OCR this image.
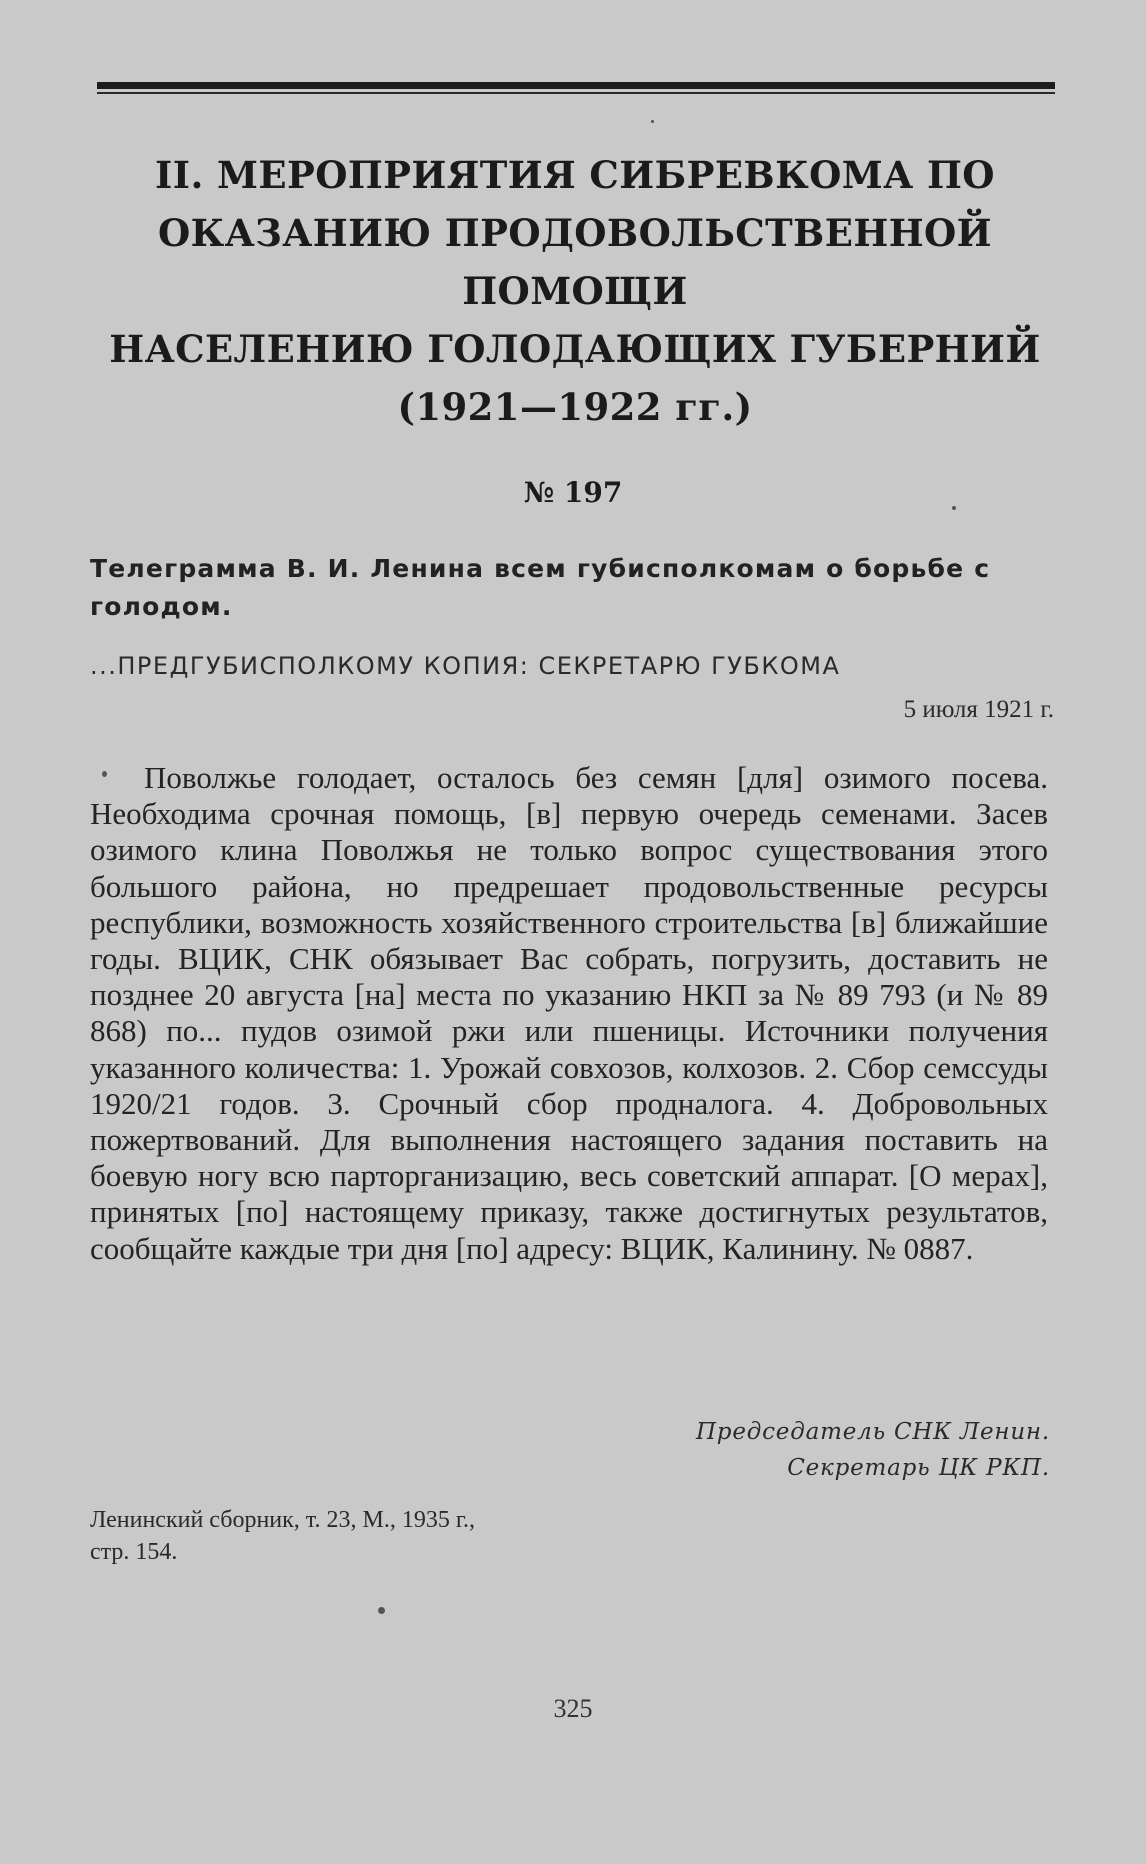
II. МЕРОПРИЯТИЯ СИБРЕВКОМА ПО
ОКАЗАНИЮ ПРОДОВОЛЬСТВЕННОЙ ПОМОЩИ
НАСЕЛЕНИЮ ГОЛОДАЮЩИХ ГУБЕРНИЙ
(1921—1922 гг.)
№ 197
Телеграмма В. И. Ленина всем губисполкомам о борьбе с голодом.
...ПРЕДГУБИСПОЛКОМУ КОПИЯ: СЕКРЕТАРЮ ГУБКОМА
5 июля 1921 г.

Поволжье голодает, осталось без семян [для] озимого посева. Необходима срочная помощь, [в] первую очередь семенами. Засев озимого клина Поволжья не только вопрос существования этого большого района, но предрешает продовольственные ресурсы республики, возможность хозяйственного строительства [в] ближайшие годы. ВЦИК, СНК обязывает Вас собрать, погрузить, доставить не позднее 20 августа [на] места по указанию НКП за № 89 793 (и № 89 868) по... пудов озимой ржи или пшеницы. Источники получения указанного количества: 1. Урожай совхозов, колхозов. 2. Сбор семссуды 1920/21 годов. 3. Срочный сбор продналога. 4. Добровольных пожертвований. Для выполнения настоящего задания поставить на боевую ногу всю парторганизацию, весь советский аппарат. [О мерах], принятых [по] настоящему приказу, также достигнутых результатов, сообщайте каждые три дня [по] адресу: ВЦИК, Калинину. № 0887.

Председатель СНК Ленин.
Секретарь ЦК РКП.
Ленинский сборник, т. 23, М., 1935 г.,
стр. 154.
325
